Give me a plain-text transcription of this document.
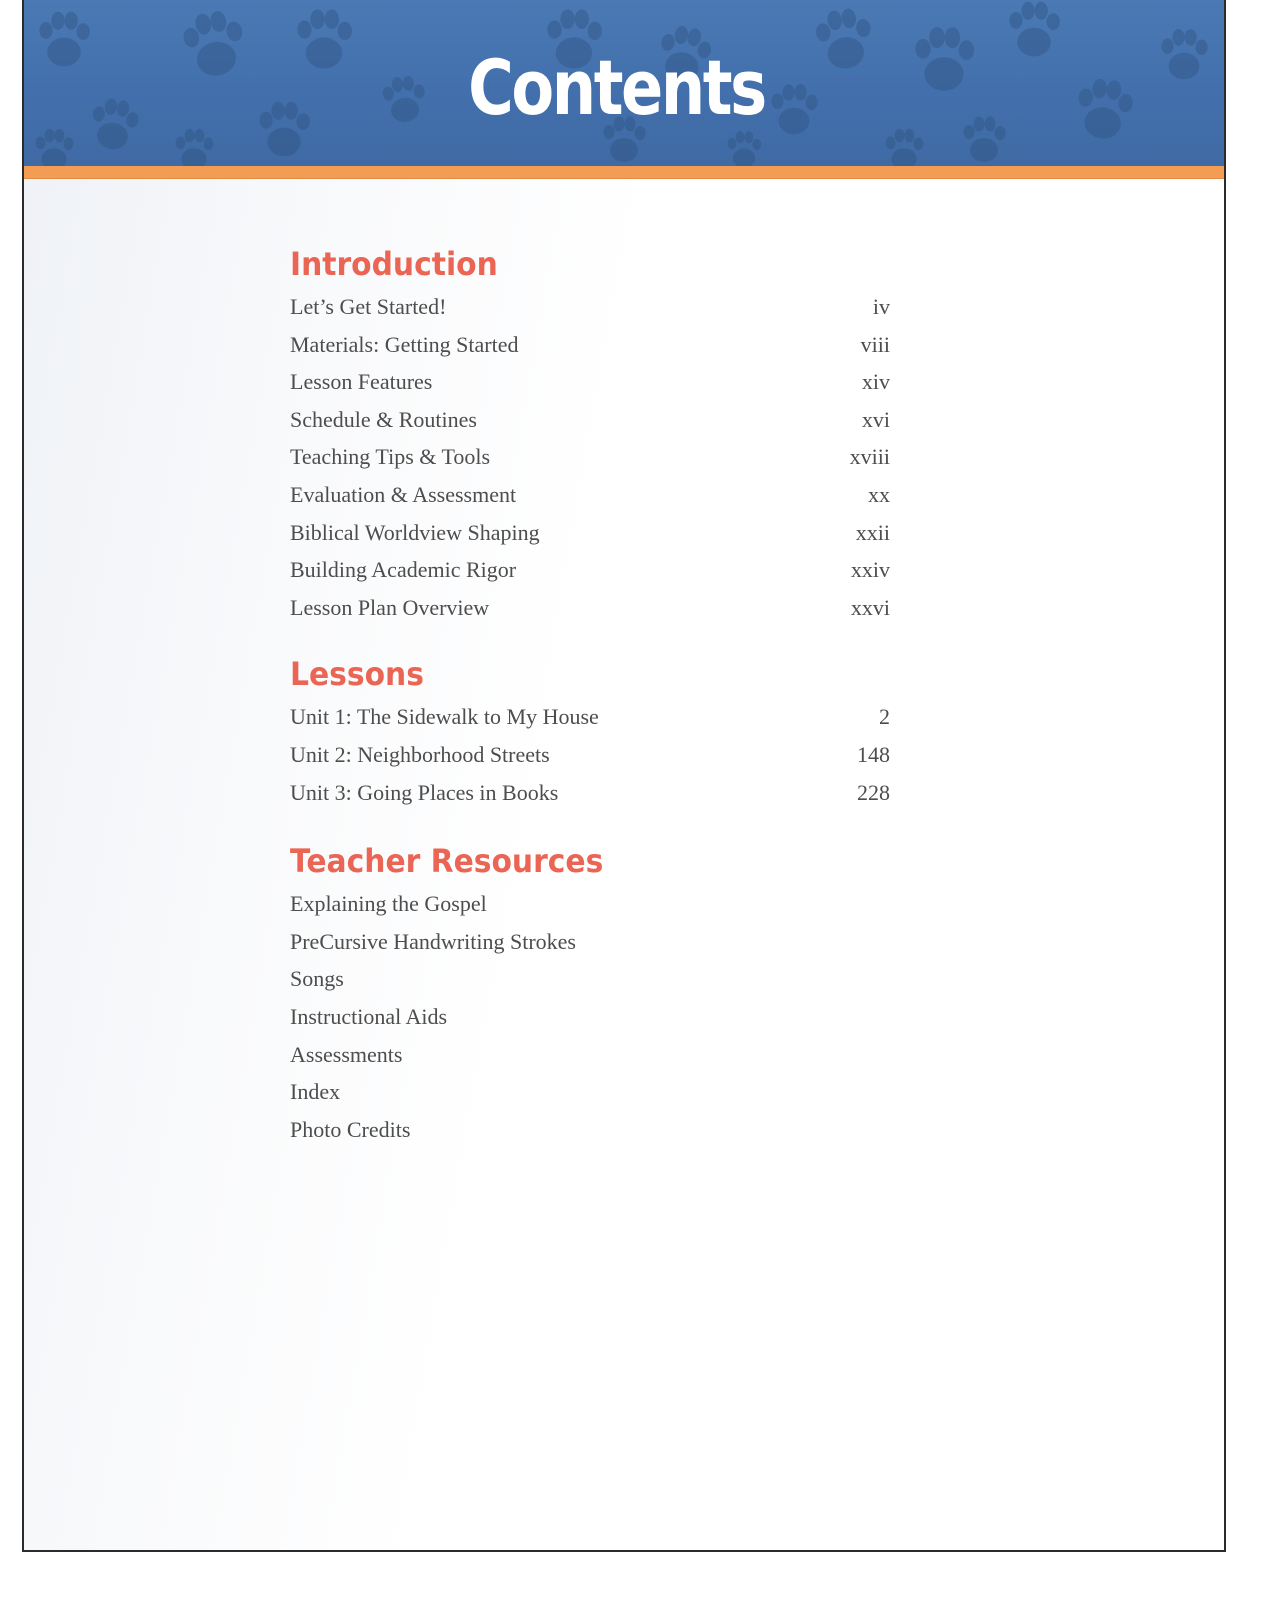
Contents
Introduction
Let’s Get Started!	iv
Materials: Getting Started	viii
Lesson Features	xiv
Schedule & Routines	xvi
Teaching Tips & Tools	xviii
Evaluation & Assessment	xx
Biblical Worldview Shaping	xxii
Building Academic Rigor	xxiv
Lesson Plan Overview	xxvi
Lessons
Unit 1: The Sidewalk to My House	2
Unit 2: Neighborhood Streets	148
Unit 3: Going Places in Books	228
Teacher Resources
Explaining the Gospel
PreCursive Handwriting Strokes
Songs
Instructional Aids
Assessments
Index
Photo Credits
